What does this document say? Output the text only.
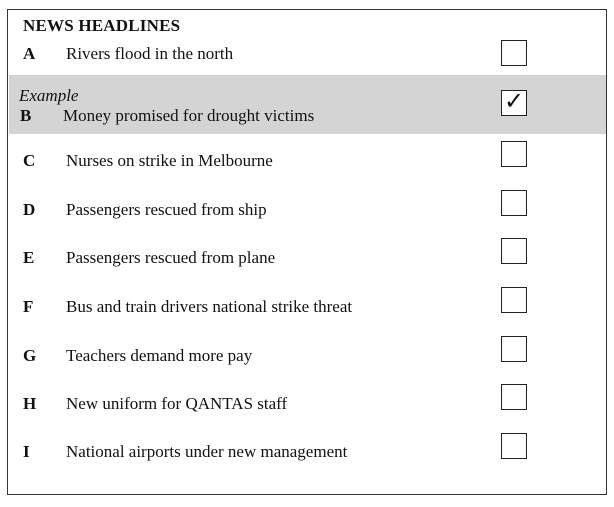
NEWS HEADLINES
A Rivers flood in the north
Example
B Money promised for drought victims
✓
C Nurses on strike in Melbourne
D Passengers rescued from ship
E Passengers rescued from plane
F Bus and train drivers national strike threat
G Teachers demand more pay
H New uniform for QANTAS staff
I National airports under new management
